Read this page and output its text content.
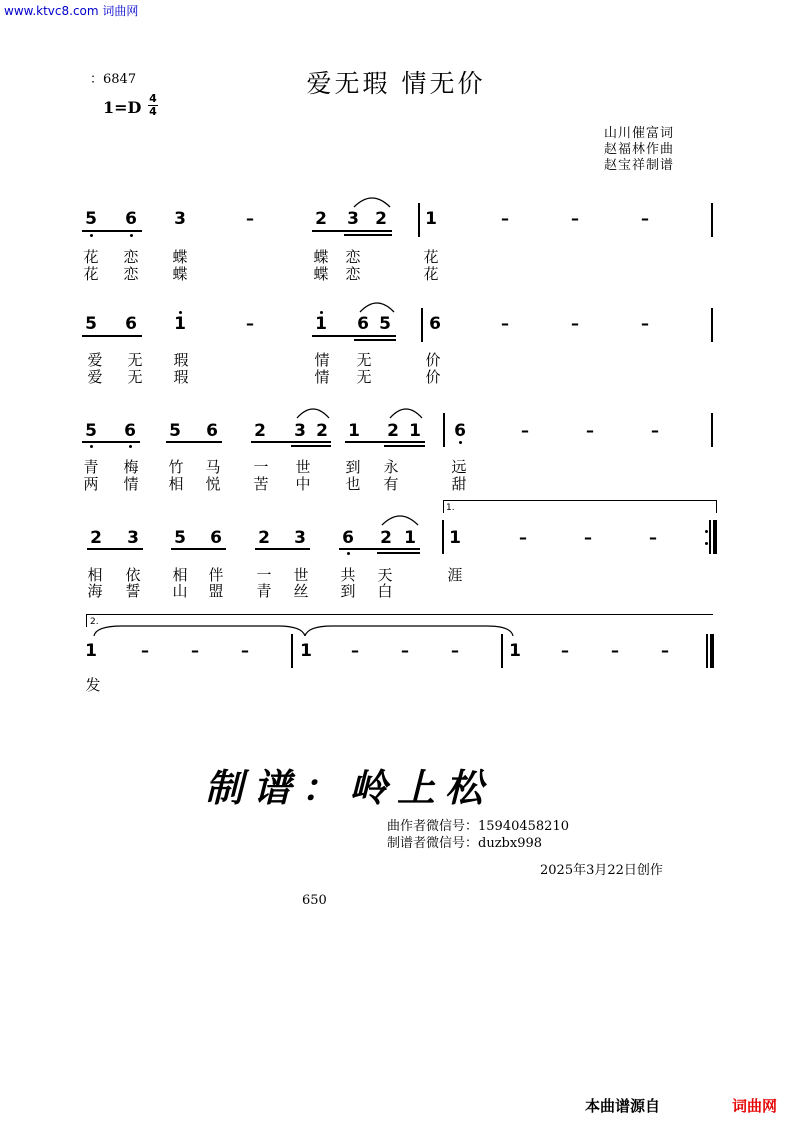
www.ktvc8.com 词曲网
：6847
1=D 4
4
爱无瑕 情无价
山川催富词
赵福林作曲
赵宝祥制谱
5 6 3	–	2 3 2 1	–	–	–
花 恋 蝶	蝶 恋	花
花 恋 蝶	蝶 恋	花
5 6 1	–	1 6 5 6	–	–	–
爱 无 瑕	情 无	价
爱 无 瑕	情 无	价
5 6 5 6 2 3 2 1 2 1 6	–	–	–
青 梅 竹 马 一 世 到 永	远
两 情 相 悦 苦 中 也 有	甜
1.
2 3 5 6 2 3 6 2 1 1	–	–	–
相 依 相 伴 一 世 共 天	涯
海 誓 山 盟 青 丝 到 白
2.
1	–	–	–	1	–	–	–	1	–	–	–
发
制谱：岭上松
曲作者微信号：15940458210
制谱者微信号：duzbx998
2025年3月22日创作
650
本曲谱源自	词曲网
